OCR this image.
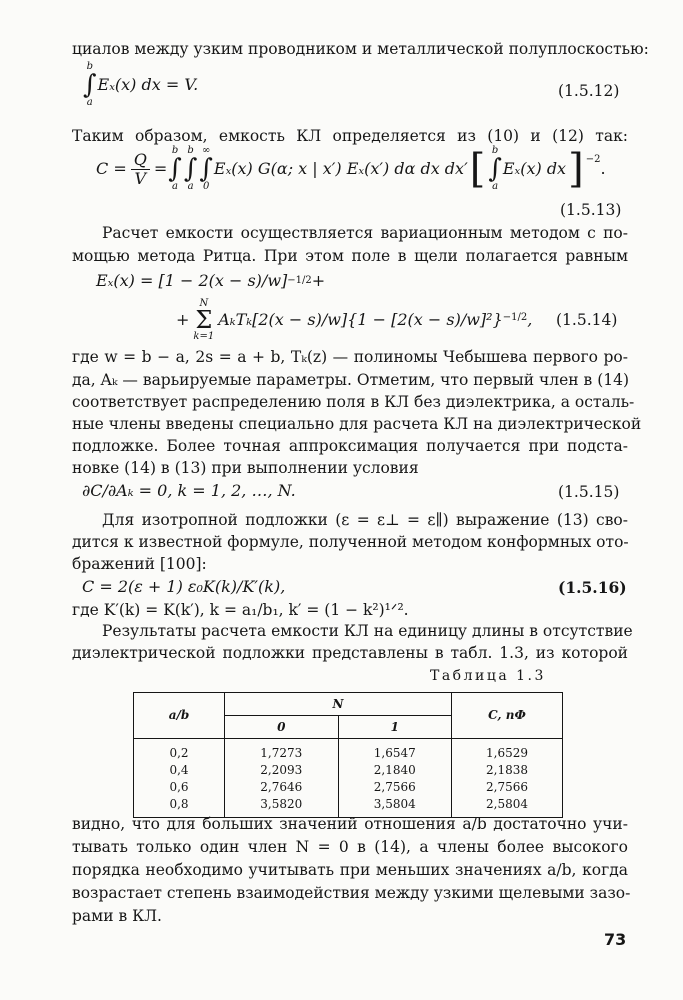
циалов между узким проводником и металлической полуплоскостью:
b
∫
a
Eₓ(x) dx = V.	(1.5.12)
Таким образом, емкость КЛ определяется из (10) и (12) так:
$C = \frac{Q}{V}$ =
b
∫
a
b
∫
a
∞
∫
0
Eₓ(x) G(α; x | x′) Eₓ(x′) dα dx dx′ [ b
∫
a
Eₓ(x) dx ]$^{-2}$ .
(1.5.13)
Расчет емкости осуществляется вариационным методом с по-
мощью метода Ритца. При этом поле в щели полагается равным
Eₓ(x) = [1 − 2(x − s)/w] −1/2 +
+
N
Σ
k=1
AₖTₖ[2(x − s)/w]{1 − [2(x − s)/w]²} −1/2 , (1.5.14)
где w = b − a, 2s = a + b, Tₖ(z) — полиномы Чебышева первого ро-
да, Aₖ — варьируемые параметры. Отметим, что первый член в (14)
соответствует распределению поля в КЛ без диэлектрика, а осталь-
ные члены введены специально для расчета КЛ на диэлектрической
подложке. Более точная аппроксимация получается при подста-
новке (14) в (13) при выполнении условия
∂C/∂Aₖ = 0, k = 1, 2, …, N.	(1.5.15)
Для изотропной подложки (ε = ε⊥ = ε∥) выражение (13) сво-
дится к известной формуле, полученной методом конформных ото-
бражений [100]:
C = 2(ε + 1) ε₀K(k)/K′(k),	(1.5.16)
где K′(k) = K(k′), k = a₁/b₁, k′ = (1 − k²)¹ᐟ².
Результаты расчета емкости КЛ на единицу длины в отсутствие
диэлектрической подложки представлены в табл. 1.3, из которой
Таблица 1.3
a/b	N		C, пФ
	0	1	
0,2	1,7273	1,6547	1,6529
0,4	2,2093	2,1840	2,1838
0,6	2,7646	2,7566	2,7566
0,8	3,5820	3,5804	2,5804
видно, что для больших значений отношения a/b достаточно учи-
тывать только один член N = 0 в (14), а члены более высокого
порядка необходимо учитывать при меньших значениях a/b, когда
возрастает степень взаимодействия между узкими щелевыми зазо-
рами в КЛ.
73
